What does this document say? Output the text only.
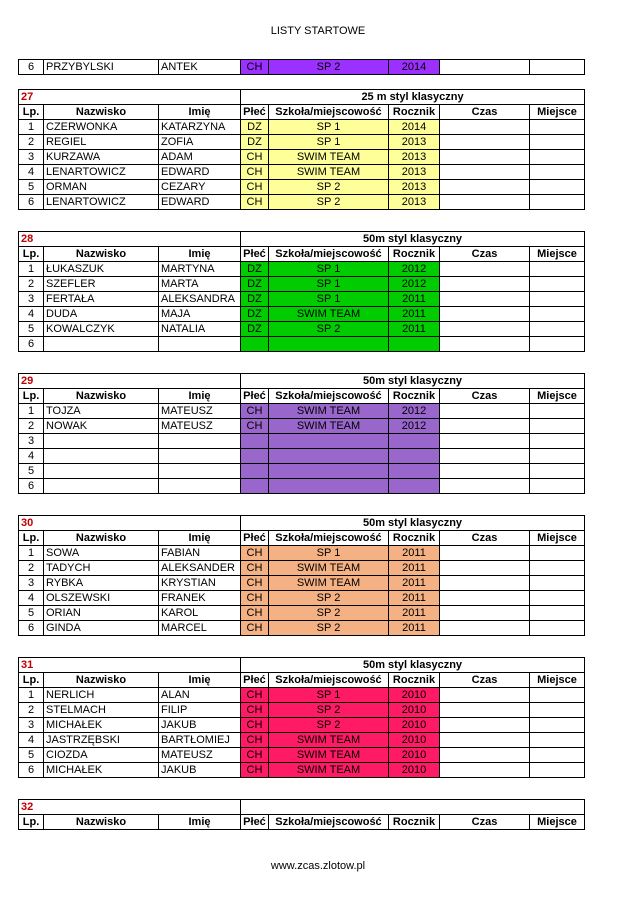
LISTY STARTOWE
6	PRZYBYLSKI	ANTEK	CH	SP 2	2014		
27			25 m styl klasyczny				
Lp.	Nazwisko	Imię	Płeć	Szkoła/miejscowość	Rocznik	Czas	Miejsce
1	CZERWONKA	KATARZYNA	DZ	SP 1	2014		
2	REGIEL	ZOFIA	DZ	SP 1	2013		
3	KURZAWA	ADAM	CH	SWIM TEAM	2013		
4	LENARTOWICZ	EDWARD	CH	SWIM TEAM	2013		
5	ORMAN	CEZARY	CH	SP 2	2013		
6	LENARTOWICZ	EDWARD	CH	SP 2	2013		
28			50m styl klasyczny				
Lp.	Nazwisko	Imię	Płeć	Szkoła/miejscowość	Rocznik	Czas	Miejsce
1	ŁUKASZUK	MARTYNA	DZ	SP 1	2012		
2	SZEFLER	MARTA	DZ	SP 1	2012		
3	FERTAŁA	ALEKSANDRA	DZ	SP 1	2011		
4	DUDA	MAJA	DZ	SWIM TEAM	2011		
5	KOWALCZYK	NATALIA	DZ	SP 2	2011		
6							
29			50m styl klasyczny				
Lp.	Nazwisko	Imię	Płeć	Szkoła/miejscowość	Rocznik	Czas	Miejsce
1	TOJZA	MATEUSZ	CH	SWIM TEAM	2012		
2	NOWAK	MATEUSZ	CH	SWIM TEAM	2012		
3							
4							
5							
6							
30			50m styl klasyczny				
Lp.	Nazwisko	Imię	Płeć	Szkoła/miejscowość	Rocznik	Czas	Miejsce
1	SOWA	FABIAN	CH	SP 1	2011		
2	TADYCH	ALEKSANDER	CH	SWIM TEAM	2011		
3	RYBKA	KRYSTIAN	CH	SWIM TEAM	2011		
4	OLSZEWSKI	FRANEK	CH	SP 2	2011		
5	ORIAN	KAROL	CH	SP 2	2011		
6	GINDA	MARCEL	CH	SP 2	2011		
31			50m styl klasyczny				
Lp.	Nazwisko	Imię	Płeć	Szkoła/miejscowość	Rocznik	Czas	Miejsce
1	NERLICH	ALAN	CH	SP 1	2010		
2	STELMACH	FILIP	CH	SP 2	2010		
3	MICHAŁEK	JAKUB	CH	SP 2	2010		
4	JASTRZĘBSKI	BARTŁOMIEJ	CH	SWIM TEAM	2010		
5	CIOZDA	MATEUSZ	CH	SWIM TEAM	2010		
6	MICHAŁEK	JAKUB	CH	SWIM TEAM	2010		
32							
Lp.	Nazwisko	Imię	Płeć	Szkoła/miejscowość	Rocznik	Czas	Miejsce
www.zcas.zlotow.pl
